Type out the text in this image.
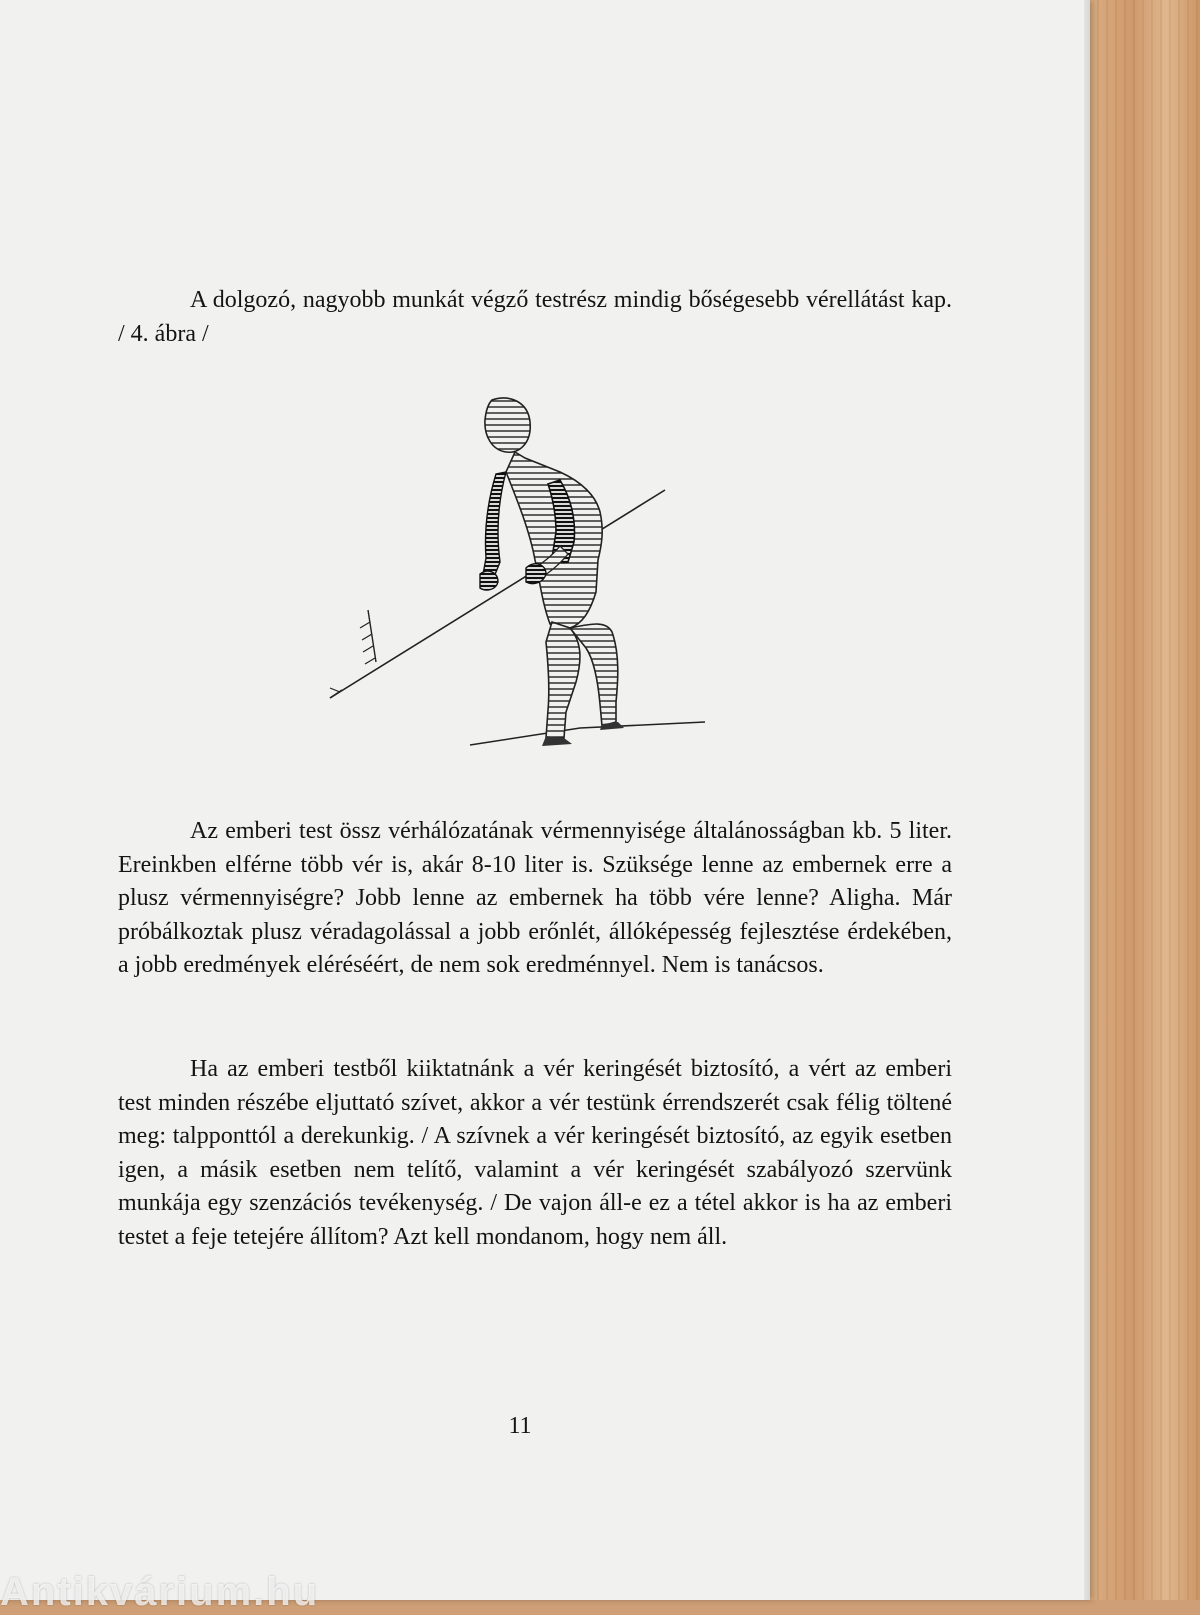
A dolgozó, nagyobb munkát végző testrész mindig bőségesebb vérellátást kap. / 4. ábra /

Az emberi test össz vérhálózatának vérmennyisége általánosságban kb. 5 liter. Ereinkben elférne több vér is, akár 8-10 liter is. Szüksége lenne az embernek erre a plusz vérmennyiségre? Jobb lenne az embernek ha több vére lenne? Aligha. Már próbálkoztak plusz véradagolással a jobb erőnlét, állóképesség fejlesztése érdekében, a jobb eredmények eléréséért, de nem sok eredménnyel. Nem is tanácsos.

Ha az emberi testből kiiktatnánk a vér keringését biztosító, a vért az emberi test minden részébe eljuttató szívet, akkor a vér testünk érrendszerét csak félig töltené meg: talpponttól a derekunkig. / A szívnek a vér keringését biztosító, az egyik esetben igen, a másik esetben nem telítő, valamint a vér keringését szabályozó szervünk munkája egy szenzációs tevékenység. / De vajon áll-e ez a tétel akkor is ha az emberi testet a feje tetejére állítom? Azt kell mondanom, hogy nem áll.

11
Antikvárium.hu
